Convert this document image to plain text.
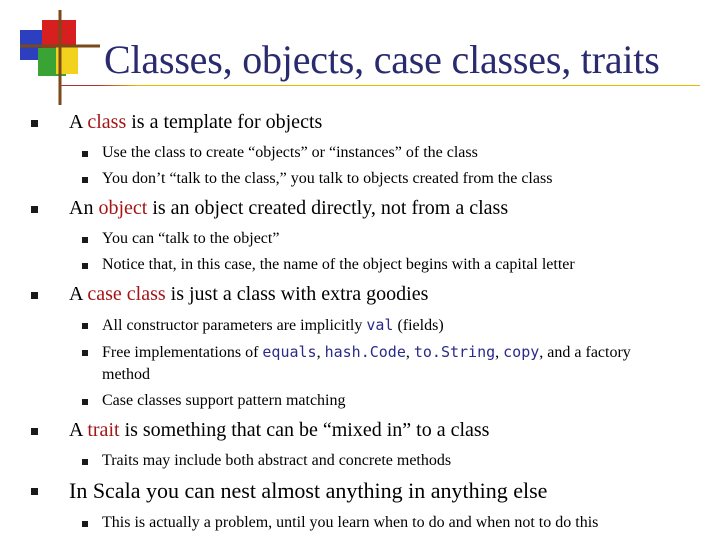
Classes, objects, case classes, traits
A class is a template for objects
Use the class to create “objects” or “instances” of the class
You don’t “talk to the class,” you talk to objects created from the class
An object is an object created directly, not from a class
You can “talk to the object”
Notice that, in this case, the name of the object begins with a capital letter
A case class is just a class with extra goodies
All constructor parameters are implicitly val (fields)
Free implementations of equals, hash.Code, to.String, copy, and a factory method
Case classes support pattern matching
A trait is something that can be “mixed in” to a class
Traits may include both abstract and concrete methods
In Scala you can nest almost anything in anything else
This is actually a problem, until you learn when to do and when not to do this
